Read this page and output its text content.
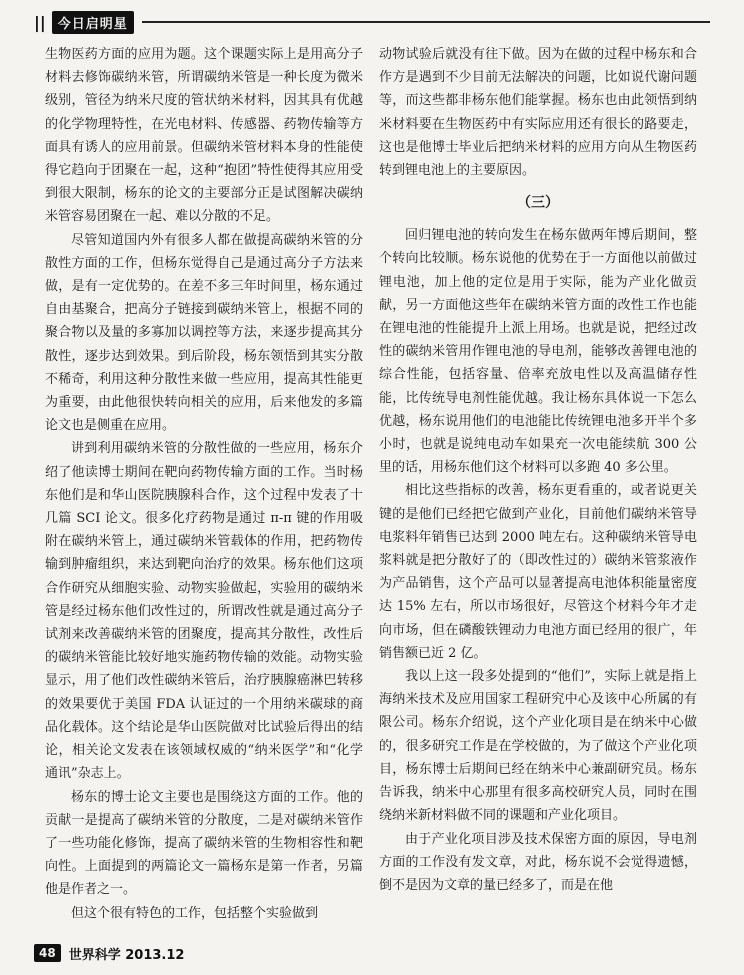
|| 今日启明星

生物医药方面的应用为题。这个课题实际上是用高分子材料去修饰碳纳米管，所谓碳纳米管是一种长度为微米级别，管径为纳米尺度的管状纳米材料，因其具有优越的化学物理特性，在光电材料、传感器、药物传输等方面具有诱人的应用前景。但碳纳米管材料本身的性能使得它趋向于团聚在一起，这种“抱团”特性使得其应用受到很大限制，杨东的论文的主要部分正是试图解决碳纳米管容易团聚在一起、难以分散的不足。

尽管知道国内外有很多人都在做提高碳纳米管的分散性方面的工作，但杨东觉得自己是通过高分子方法来做，是有一定优势的。在差不多三年时间里，杨东通过自由基聚合，把高分子链接到碳纳米管上，根据不同的聚合物以及量的多寡加以调控等方法，来逐步提高其分散性，逐步达到效果。到后阶段，杨东领悟到其实分散不稀奇，利用这种分散性来做一些应用，提高其性能更为重要，由此他很快转向相关的应用，后来他发的多篇论文也是侧重在应用。

讲到利用碳纳米管的分散性做的一些应用，杨东介绍了他读博士期间在靶向药物传输方面的工作。当时杨东他们是和华山医院胰腺科合作，这个过程中发表了十几篇 SCI 论文。很多化疗药物是通过 π-π 键的作用吸附在碳纳米管上，通过碳纳米管载体的作用，把药物传输到肿瘤组织，来达到靶向治疗的效果。杨东他们这项合作研究从细胞实验、动物实验做起，实验用的碳纳米管是经过杨东他们改性过的，所谓改性就是通过高分子试剂来改善碳纳米管的团聚度，提高其分散性，改性后的碳纳米管能比较好地实施药物传输的效能。动物实验显示，用了他们改性碳纳米管后，治疗胰腺癌淋巴转移的效果要优于美国 FDA 认证过的一个用纳米碳球的商品化载体。这个结论是华山医院做对比试验后得出的结论，相关论文发表在该领域权威的“纳米医学”和“化学通讯”杂志上。

杨东的博士论文主要也是围绕这方面的工作。他的贡献一是提高了碳纳米管的分散度，二是对碳纳米管作了一些功能化修饰，提高了碳纳米管的生物相容性和靶向性。上面提到的两篇论文一篇杨东是第一作者，另篇他是作者之一。

但这个很有特色的工作，包括整个实验做到

动物试验后就没有往下做。因为在做的过程中杨东和合作方是遇到不少目前无法解决的问题，比如说代谢问题等，而这些都非杨东他们能掌握。杨东也由此领悟到纳米材料要在生物医药中有实际应用还有很长的路要走，这也是他博士毕业后把纳米材料的应用方向从生物医药转到锂电池上的主要原因。

（三）

回归锂电池的转向发生在杨东做两年博后期间，整个转向比较顺。杨东说他的优势在于一方面他以前做过锂电池，加上他的定位是用于实际，能为产业化做贡献，另一方面他这些年在碳纳米管方面的改性工作也能在锂电池的性能提升上派上用场。也就是说，把经过改性的碳纳米管用作锂电池的导电剂，能够改善锂电池的综合性能，包括容量、倍率充放电性以及高温储存性能，比传统导电剂性能优越。我让杨东具体说一下怎么优越，杨东说用他们的电池能比传统锂电池多开半个多小时，也就是说纯电动车如果充一次电能续航 300 公里的话，用杨东他们这个材料可以多跑 40 多公里。

相比这些指标的改善，杨东更看重的，或者说更关键的是他们已经把它做到产业化，目前他们碳纳米管导电浆料年销售已达到 2000 吨左右。这种碳纳米管导电浆料就是把分散好了的（即改性过的）碳纳米管浆液作为产品销售，这个产品可以显著提高电池体积能量密度达 15% 左右，所以市场很好，尽管这个材料今年才走向市场，但在磷酸铁锂动力电池方面已经用的很广，年销售额已近 2 亿。

我以上这一段多处提到的“他们”，实际上就是指上海纳米技术及应用国家工程研究中心及该中心所属的有限公司。杨东介绍说，这个产业化项目是在纳米中心做的，很多研究工作是在学校做的，为了做这个产业化项目，杨东博士后期间已经在纳米中心兼副研究员。杨东告诉我，纳米中心那里有很多高校研究人员，同时在围绕纳米新材料做不同的课题和产业化项目。

由于产业化项目涉及技术保密方面的原因，导电剂方面的工作没有发文章，对此，杨东说不会觉得遗憾，倒不是因为文章的量已经多了，而是在他

48	世界科学 2013.12
